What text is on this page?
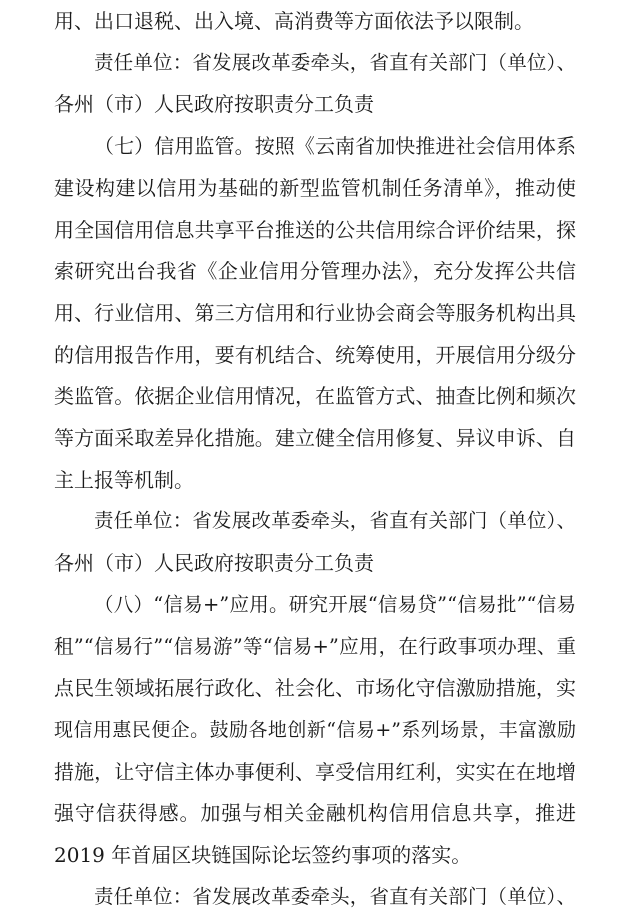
用、出口退税、出入境、高消费等方面依法予以限制。
责任单位：省发展改革委牵头，省直有关部门（单位）、
各州（市）人民政府按职责分工负责
（七）信用监管。按照《云南省加快推进社会信用体系
建设构建以信用为基础的新型监管机制任务清单》，推动使
用全国信用信息共享平台推送的公共信用综合评价结果，探
索研究出台我省《企业信用分管理办法》，充分发挥公共信
用、行业信用、第三方信用和行业协会商会等服务机构出具
的信用报告作用，要有机结合、统筹使用，开展信用分级分
类监管。依据企业信用情况，在监管方式、抽查比例和频次
等方面采取差异化措施。建立健全信用修复、异议申诉、自
主上报等机制。
责任单位：省发展改革委牵头，省直有关部门（单位）、
各州（市）人民政府按职责分工负责
（八）“信易+”应用。研究开展“信易贷”“信易批”“信易
租”“信易行”“信易游”等“信易+”应用，在行政事项办理、重
点民生领域拓展行政化、社会化、市场化守信激励措施，实
现信用惠民便企。鼓励各地创新“信易+”系列场景，丰富激励
措施，让守信主体办事便利、享受信用红利，实实在在地增
强守信获得感。加强与相关金融机构信用信息共享，推进
2019 年首届区块链国际论坛签约事项的落实。
责任单位：省发展改革委牵头，省直有关部门（单位）、
